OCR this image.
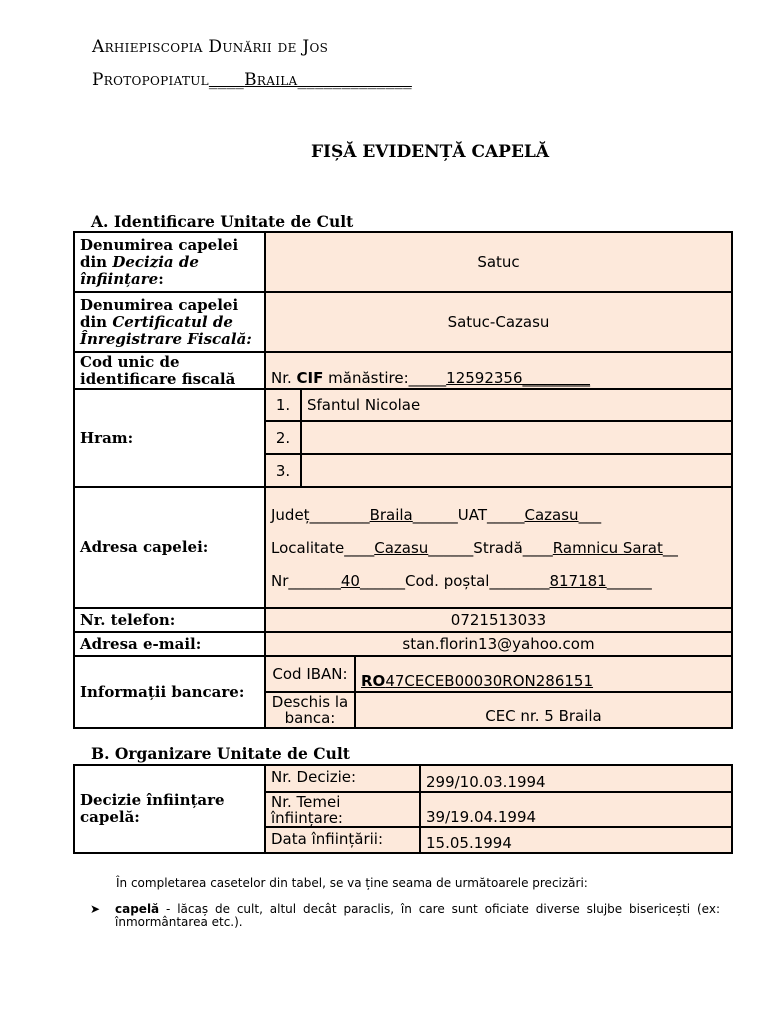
Arhiepiscopia Dunării de Jos
Protopopiatul____Braila_____________
FIȘĂ EVIDENȚĂ CAPELĂ
A. Identificare Unitate de Cult
Denumirea capelei din Decizia de înființare:	Satuc		
Denumirea capelei din Certificatul de Înregistrare Fiscală:	Satuc-Cazasu		
Cod unic de identificare fiscală	Nr. CIF mănăstire:_____12592356_________		
Hram:	1.	Sfantul Nicolae	
	2.		
	3.		
Adresa capelei:	Județ________Braila______UAT_____Cazasu___
Localitate____Cazasu______Stradă____Ramnicu Sarat__
Nr_______40______Cod. poștal________817181______		

Nr. telefon:	0721513033		
Adresa e-mail:	stan.florin13@yahoo.com		
Informații bancare:	Cod IBAN:		RO47CECEB00030RON286151
	Deschis la banca:		CEC nr. 5 Braila
B. Organizare Unitate de Cult
Decizie înființare capelă:	Nr. Decizie:	299/10.03.1994
	Nr. Temei înființare:	39/19.04.1994
	Data înființării:	15.05.1994
În completarea casetelor din tabel, se va ține seama de următoarele precizări:
➤ capelă - lăcaș de cult, altul decât paraclis, în care sunt oficiate diverse slujbe bisericești (ex: înmormântarea etc.).
